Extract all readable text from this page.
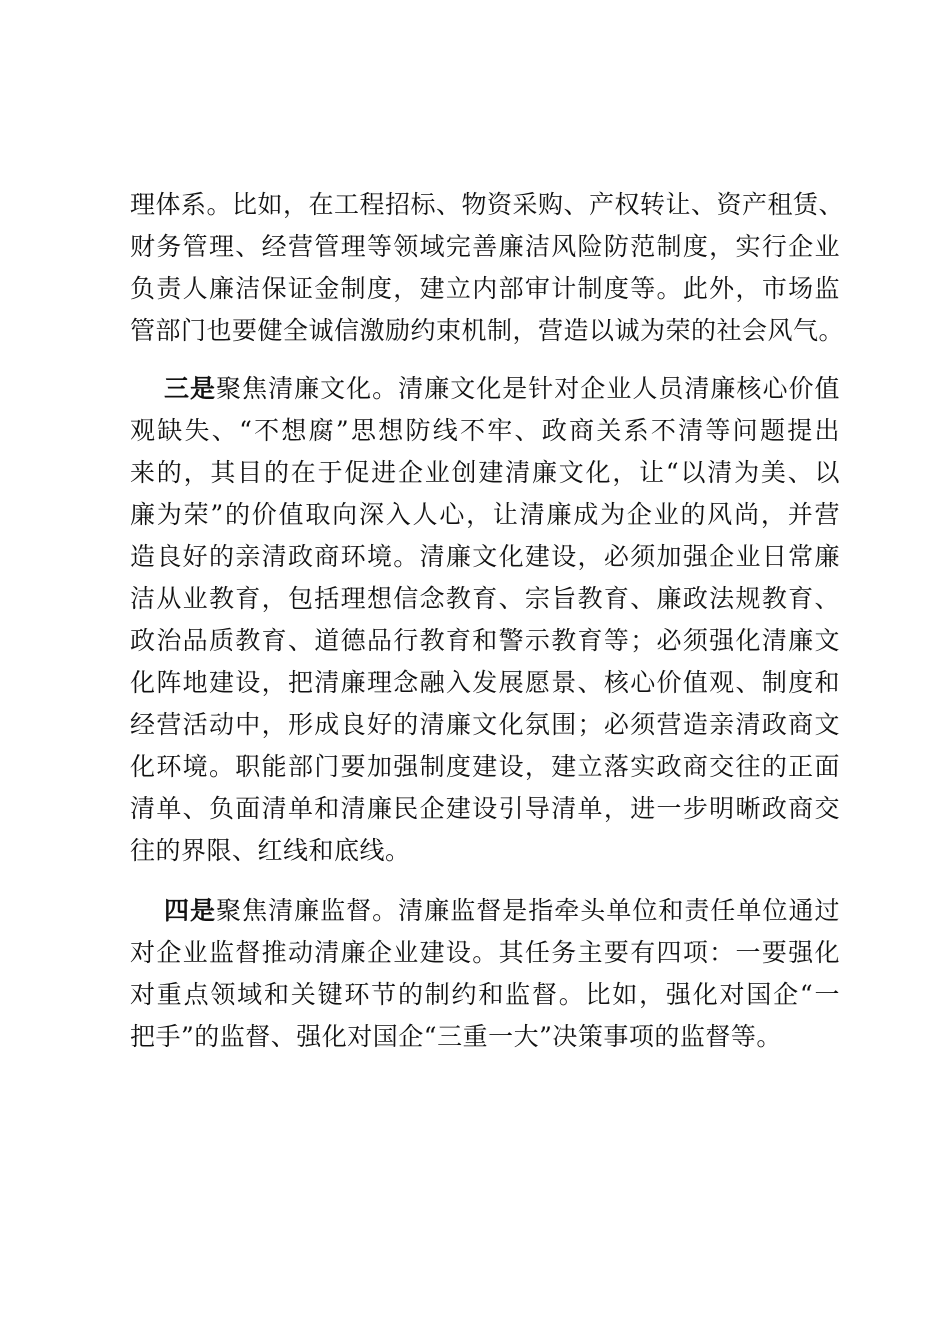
理体系。比如，在工程招标、物资采购、产权转让、资产租赁、
财务管理、经营管理等领域完善廉洁风险防范制度，实行企业
负责人廉洁保证金制度，建立内部审计制度等。此外，市场监
管部门也要健全诚信激励约束机制，营造以诚为荣的社会风气。
三是聚焦清廉文化。清廉文化是针对企业人员清廉核心价值
观缺失、“不想腐”思想防线不牢、政商关系不清等问题提出
来的，其目的在于促进企业创建清廉文化，让“以清为美、以
廉为荣”的价值取向深入人心，让清廉成为企业的风尚，并营
造良好的亲清政商环境。清廉文化建设，必须加强企业日常廉
洁从业教育，包括理想信念教育、宗旨教育、廉政法规教育、
政治品质教育、道德品行教育和警示教育等；必须强化清廉文
化阵地建设，把清廉理念融入发展愿景、核心价值观、制度和
经营活动中，形成良好的清廉文化氛围；必须营造亲清政商文
化环境。职能部门要加强制度建设，建立落实政商交往的正面
清单、负面清单和清廉民企建设引导清单，进一步明晰政商交
往的界限、红线和底线。
四是聚焦清廉监督。清廉监督是指牵头单位和责任单位通过
对企业监督推动清廉企业建设。其任务主要有四项：一要强化
对重点领域和关键环节的制约和监督。比如，强化对国企“一
把手”的监督、强化对国企“三重一大”决策事项的监督等。
